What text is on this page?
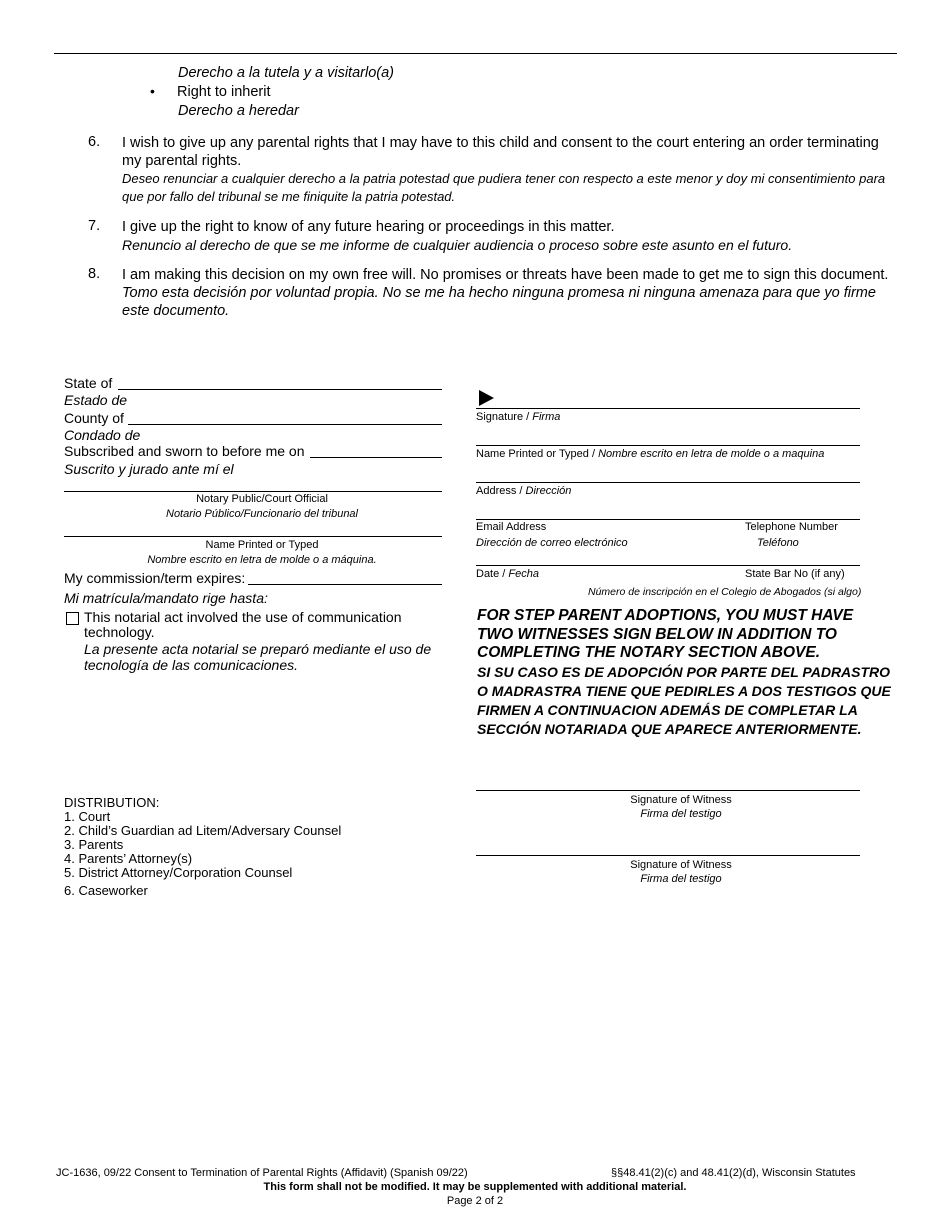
Derecho a la tutela y a visitarlo(a)
• Right to inherit
Derecho a heredar
6. I wish to give up any parental rights that I may have to this child and consent to the court entering an order terminating my parental rights.
Deseo renunciar a cualquier derecho a la patria potestad que pudiera tener con respecto a este menor y doy mi consentimiento para que por fallo del tribunal se me finiquite la patria potestad.
7. I give up the right to know of any future hearing or proceedings in this matter.
Renuncio al derecho de que se me informe de cualquier audiencia o proceso sobre este asunto en el futuro.
8. I am making this decision on my own free will. No promises or threats have been made to get me to sign this document.
Tomo esta decisión por voluntad propia. No se me ha hecho ninguna promesa ni ninguna amenaza para que yo firme este documento.
State of
Estado de
County of
Condado de
Subscribed and sworn to before me on
Suscrito y jurado ante mí el
Notary Public/Court Official
Notario Público/Funcionario del tribunal
Name Printed or Typed
Nombre escrito en letra de molde o a máquina.
My commission/term expires:
Mi matrícula/mandato rige hasta:
This notarial act involved the use of communication technology.
La presente acta notarial se preparó mediante el uso de tecnología de las comunicaciones.
Signature / Firma
Name Printed or Typed / Nombre escrito en letra de molde o a maquina
Address / Dirección
Email Address
Dirección de correo electrónico
Telephone Number
Teléfono
Date / Fecha	State Bar No (if any)
Número de inscripción en el Colegio de Abogados (si algo)
FOR STEP PARENT ADOPTIONS, YOU MUST HAVE TWO WITNESSES SIGN BELOW IN ADDITION TO COMPLETING THE NOTARY SECTION ABOVE.
SI SU CASO ES DE ADOPCIÓN POR PARTE DEL PADRASTRO O MADRASTRA TIENE QUE PEDIRLES A DOS TESTIGOS QUE FIRMEN A CONTINUACION ADEMÁS DE COMPLETAR LA SECCIÓN NOTARIADA QUE APARECE ANTERIORMENTE.
Signature of Witness
Firma del testigo
Signature of Witness
Firma del testigo
DISTRIBUTION:
1. Court
2. Child’s Guardian ad Litem/Adversary Counsel
3. Parents
4. Parents’ Attorney(s)
5. District Attorney/Corporation Counsel
6. Caseworker
JC-1636, 09/22 Consent to Termination of Parental Rights (Affidavit) (Spanish 09/22)	§§48.41(2)(c) and 48.41(2)(d), Wisconsin Statutes
This form shall not be modified. It may be supplemented with additional material.
Page 2 of 2
